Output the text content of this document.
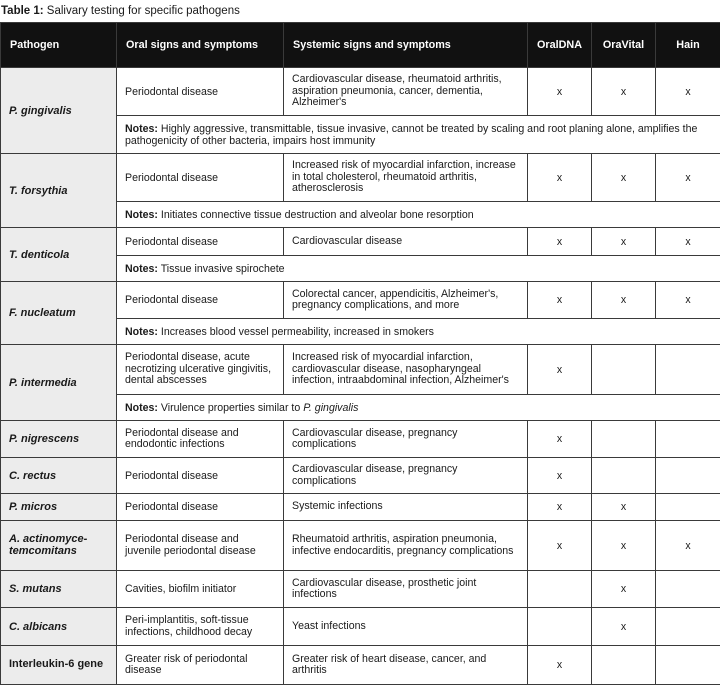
Table 1: Salivary testing for specific pathogens
Pathogen	Oral signs and symptoms	Systemic signs and symptoms	OralDNA	OraVital	Hain
P. gingivalis	Periodontal disease	Cardiovascular disease, rheumatoid arthritis, aspiration pneumonia, cancer, dementia, Alzheimer's	x	x	x
	Notes: Highly aggressive, transmittable, tissue invasive, cannot be treated by scaling and root planing alone, amplifies the pathogenicity of other bacteria, impairs host immunity				
T. forsythia	Periodontal disease	Increased risk of myocardial infarction, increase in total cholesterol, rheumatoid arthritis, atherosclerosis	x	x	x
	Notes: Initiates connective tissue destruction and alveolar bone resorption				
T. denticola	Periodontal disease	Cardiovascular disease	x	x	x
	Notes: Tissue invasive spirochete				
F. nucleatum	Periodontal disease	Colorectal cancer, appendicitis, Alzheimer's, pregnancy complications, and more	x	x	x
	Notes: Increases blood vessel permeability, increased in smokers				
P. intermedia	Periodontal disease, acute necrotizing ulcerative gingivitis, dental abscesses	Increased risk of myocardial infarction, cardiovascular disease, nasopharyngeal infection, intraabdominal infection, Alzheimer's	x		
	Notes: Virulence properties similar to P. gingivalis				
P. nigrescens	Periodontal disease and endodontic infections	Cardiovascular disease, pregnancy complications	x		
C. rectus	Periodontal disease	Cardiovascular disease, pregnancy complications	x		
P. micros	Periodontal disease	Systemic infections	x	x	
A. actinomyce-temcomitans	Periodontal disease and juvenile periodontal disease	Rheumatoid arthritis, aspiration pneumonia, infective endocarditis, pregnancy complications	x	x	x
S. mutans	Cavities, biofilm initiator	Cardiovascular disease, prosthetic joint infections		x	
C. albicans	Peri-implantitis, soft-tissue infections, childhood decay	Yeast infections		x	
Interleukin-6 gene	Greater risk of periodontal disease	Greater risk of heart disease, cancer, and arthritis	x		
